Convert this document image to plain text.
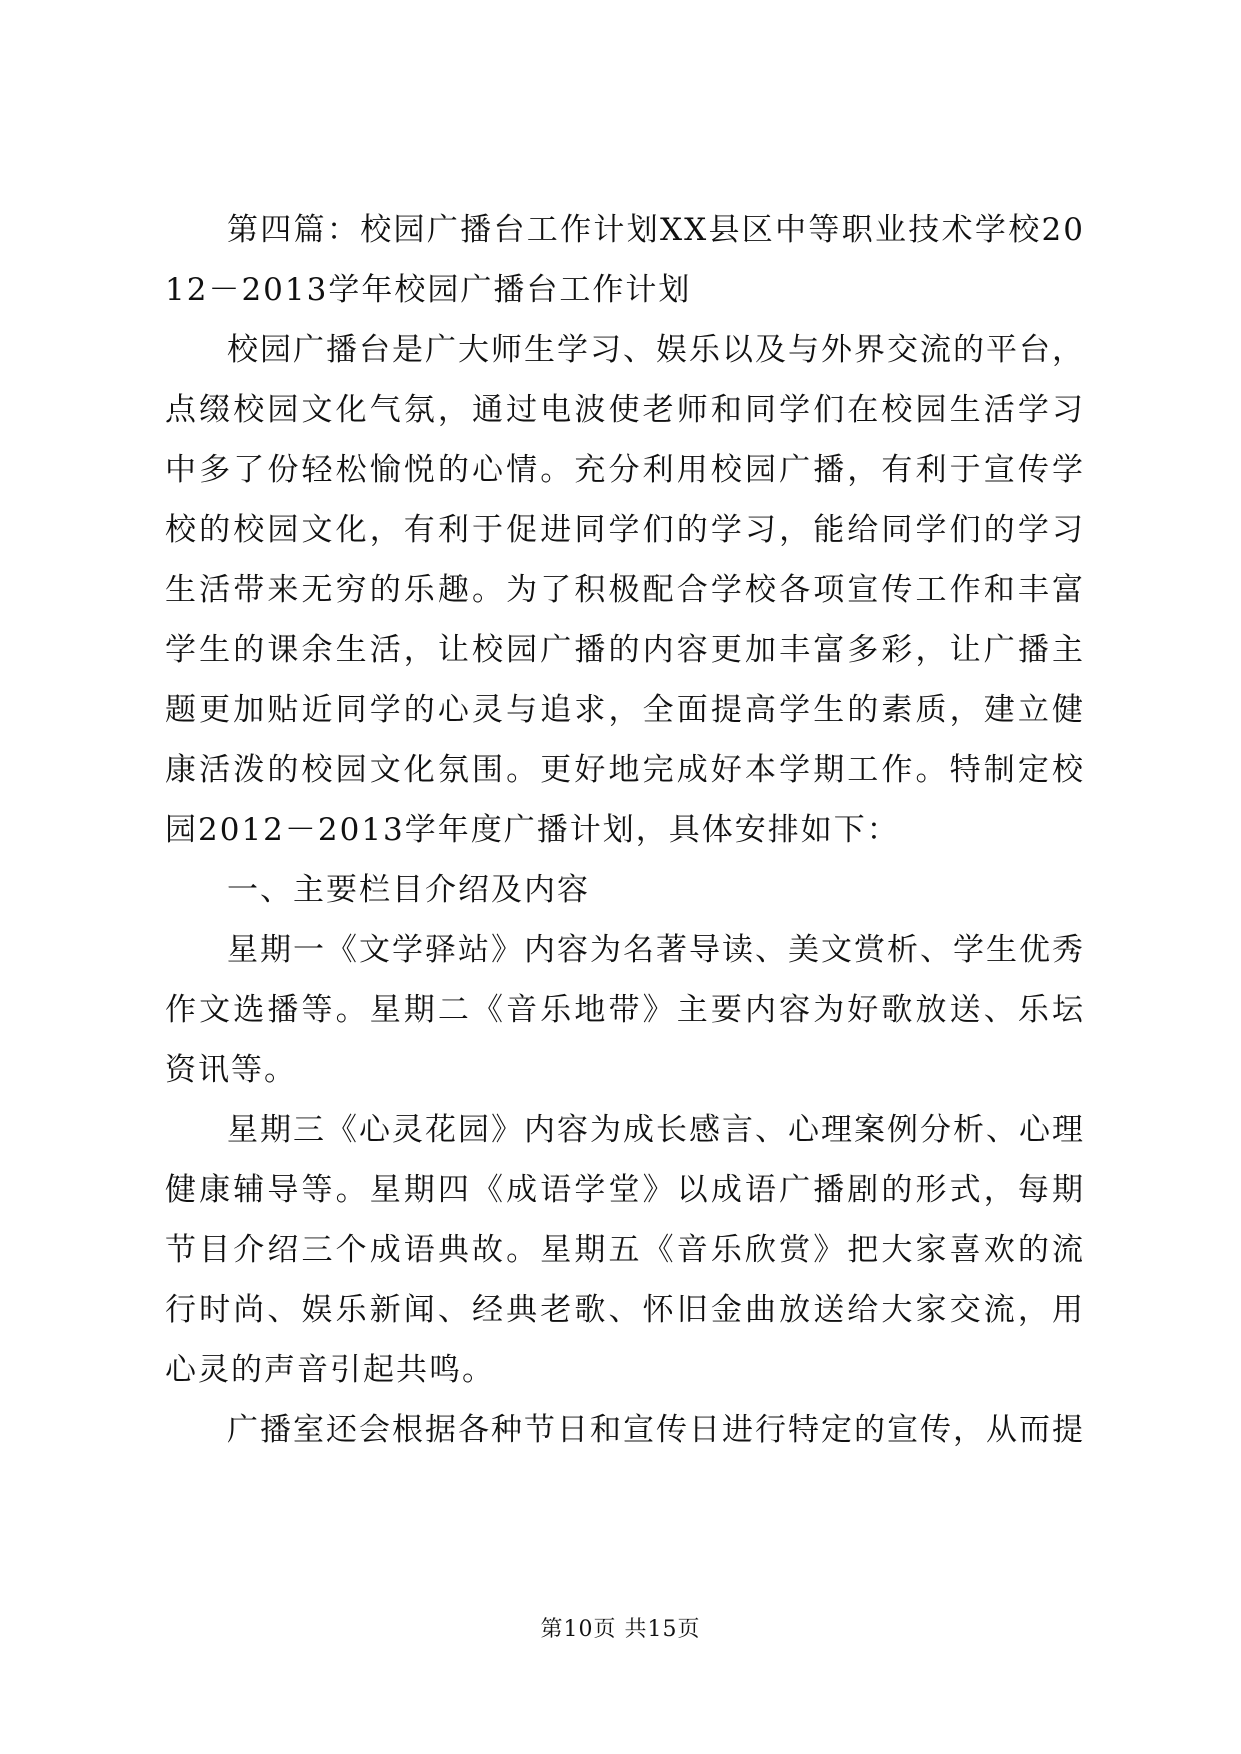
第四篇：校园广播台工作计划XX县区中等职业技术学校2012－2013学年校园广播台工作计划

校园广播台是广大师生学习、娱乐以及与外界交流的平台，点缀校园文化气氛，通过电波使老师和同学们在校园生活学习中多了份轻松愉悦的心情。充分利用校园广播，有利于宣传学校的校园文化，有利于促进同学们的学习，能给同学们的学习生活带来无穷的乐趣。为了积极配合学校各项宣传工作和丰富学生的课余生活，让校园广播的内容更加丰富多彩，让广播主题更加贴近同学的心灵与追求，全面提高学生的素质，建立健康活泼的校园文化氛围。更好地完成好本学期工作。特制定校园2012－2013学年度广播计划，具体安排如下：

一、主要栏目介绍及内容

星期一《文学驿站》内容为名著导读、美文赏析、学生优秀作文选播等。星期二《音乐地带》主要内容为好歌放送、乐坛资讯等。

星期三《心灵花园》内容为成长感言、心理案例分析、心理健康辅导等。星期四《成语学堂》以成语广播剧的形式，每期节目介绍三个成语典故。星期五《音乐欣赏》把大家喜欢的流行时尚、娱乐新闻、经典老歌、怀旧金曲放送给大家交流，用心灵的声音引起共鸣。

广播室还会根据各种节日和宣传日进行特定的宣传，从而提

第10页 共15页
